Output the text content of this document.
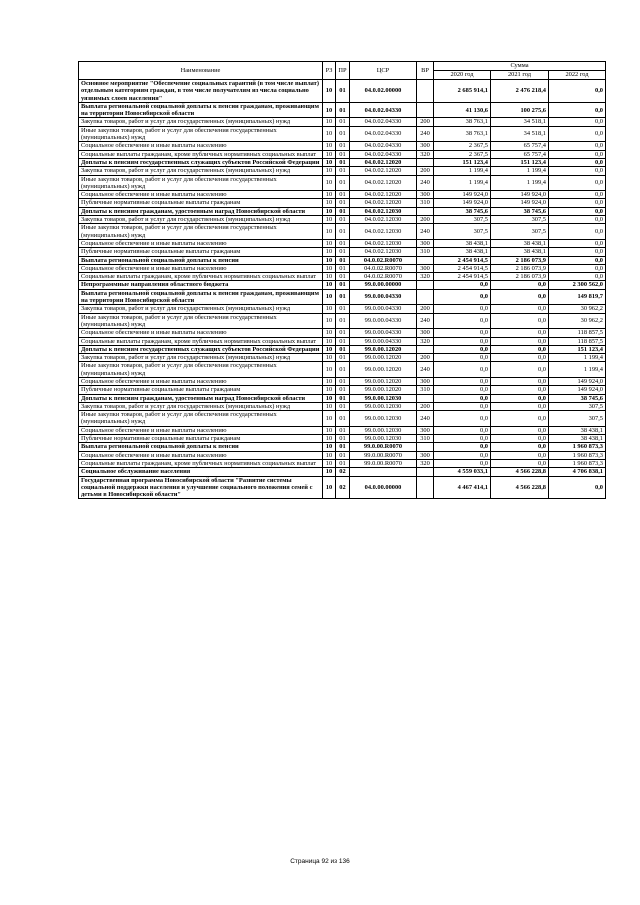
Наименование	РЗ	ПР	ЦСР	ВР	Сумма		
					2020 год	2021 год	2022 год
Основное мероприятие "Обеспечение социальных гарантий (в том числе выплат) отдельным категориям граждан, в том числе получателям из числа социально уязвимых слоев населения"	10	01	04.0.02.00000		2 685 914,1	2 476 218,4	0,0
Выплата региональной социальной доплаты к пенсии гражданам, проживающим на территории Новосибирской области	10	01	04.0.02.04330		41 130,6	100 275,6	0,0
Закупка товаров, работ и услуг для государственных (муниципальных) нужд	10	01	04.0.02.04330	200	38 763,1	34 518,1	0,0
Иные закупки товаров, работ и услуг для обеспечения государственных (муниципальных) нужд	10	01	04.0.02.04330	240	38 763,1	34 518,1	0,0
Социальное обеспечение и иные выплаты населению	10	01	04.0.02.04330	300	2 367,5	65 757,4	0,0
Социальные выплаты гражданам, кроме публичных нормативных социальных выплат	10	01	04.0.02.04330	320	2 367,5	65 757,4	0,0
Доплаты к пенсиям государственных служащих субъектов Российской Федерации	10	01	04.0.02.12020		151 123,4	151 123,4	0,0
Закупка товаров, работ и услуг для государственных (муниципальных) нужд	10	01	04.0.02.12020	200	1 199,4	1 199,4	0,0
Иные закупки товаров, работ и услуг для обеспечения государственных (муниципальных) нужд	10	01	04.0.02.12020	240	1 199,4	1 199,4	0,0
Социальное обеспечение и иные выплаты населению	10	01	04.0.02.12020	300	149 924,0	149 924,0	0,0
Публичные нормативные социальные выплаты гражданам	10	01	04.0.02.12020	310	149 924,0	149 924,0	0,0
Доплаты к пенсиям гражданам, удостоенным наград Новосибирской области	10	01	04.0.02.12030		38 745,6	38 745,6	0,0
Закупка товаров, работ и услуг для государственных (муниципальных) нужд	10	01	04.0.02.12030	200	307,5	307,5	0,0
Иные закупки товаров, работ и услуг для обеспечения государственных (муниципальных) нужд	10	01	04.0.02.12030	240	307,5	307,5	0,0
Социальное обеспечение и иные выплаты населению	10	01	04.0.02.12030	300	38 438,1	38 438,1	0,0
Публичные нормативные социальные выплаты гражданам	10	01	04.0.02.12030	310	38 438,1	38 438,1	0,0
Выплата региональной социальной доплаты к пенсии	10	01	04.0.02.R0070		2 454 914,5	2 186 073,9	0,0
Социальное обеспечение и иные выплаты населению	10	01	04.0.02.R0070	300	2 454 914,5	2 186 073,9	0,0
Социальные выплаты гражданам, кроме публичных нормативных социальных выплат	10	01	04.0.02.R0070	320	2 454 914,5	2 186 073,9	0,0
Непрограммные направления областного бюджета	10	01	99.0.00.00000		0,0	0,0	2 300 562,0
Выплата региональной социальной доплаты к пенсии гражданам, проживающим на территории Новосибирской области	10	01	99.0.00.04330		0,0	0,0	149 819,7
Закупка товаров, работ и услуг для государственных (муниципальных) нужд	10	01	99.0.00.04330	200	0,0	0,0	30 962,2
Иные закупки товаров, работ и услуг для обеспечения государственных (муниципальных) нужд	10	01	99.0.00.04330	240	0,0	0,0	30 962,2
Социальное обеспечение и иные выплаты населению	10	01	99.0.00.04330	300	0,0	0,0	118 857,5
Социальные выплаты гражданам, кроме публичных нормативных социальных выплат	10	01	99.0.00.04330	320	0,0	0,0	118 857,5
Доплаты к пенсиям государственных служащих субъектов Российской Федерации	10	01	99.0.00.12020		0,0	0,0	151 123,4
Закупка товаров, работ и услуг для государственных (муниципальных) нужд	10	01	99.0.00.12020	200	0,0	0,0	1 199,4
Иные закупки товаров, работ и услуг для обеспечения государственных (муниципальных) нужд	10	01	99.0.00.12020	240	0,0	0,0	1 199,4
Социальное обеспечение и иные выплаты населению	10	01	99.0.00.12020	300	0,0	0,0	149 924,0
Публичные нормативные социальные выплаты гражданам	10	01	99.0.00.12020	310	0,0	0,0	149 924,0
Доплаты к пенсиям гражданам, удостоенным наград Новосибирской области	10	01	99.0.00.12030		0,0	0,0	38 745,6
Закупка товаров, работ и услуг для государственных (муниципальных) нужд	10	01	99.0.00.12030	200	0,0	0,0	307,5
Иные закупки товаров, работ и услуг для обеспечения государственных (муниципальных) нужд	10	01	99.0.00.12030	240	0,0	0,0	307,5
Социальное обеспечение и иные выплаты населению	10	01	99.0.00.12030	300	0,0	0,0	38 438,1
Публичные нормативные социальные выплаты гражданам	10	01	99.0.00.12030	310	0,0	0,0	38 438,1
Выплата региональной социальной доплаты к пенсии	10	01	99.0.00.R0070		0,0	0,0	1 960 873,3
Социальное обеспечение и иные выплаты населению	10	01	99.0.00.R0070	300	0,0	0,0	1 960 873,3
Социальные выплаты гражданам, кроме публичных нормативных социальных выплат	10	01	99.0.00.R0070	320	0,0	0,0	1 960 873,3
Социальное обслуживание населения	10	02			4 559 033,1	4 566 228,8	4 706 838,1
Государственная программа Новосибирской области "Развитие системы социальной поддержки населения и улучшение социального положения семей с детьми в Новосибирской области"	10	02	04.0.00.00000		4 467 414,1	4 566 228,8	0,0
Страница 92 из 136
